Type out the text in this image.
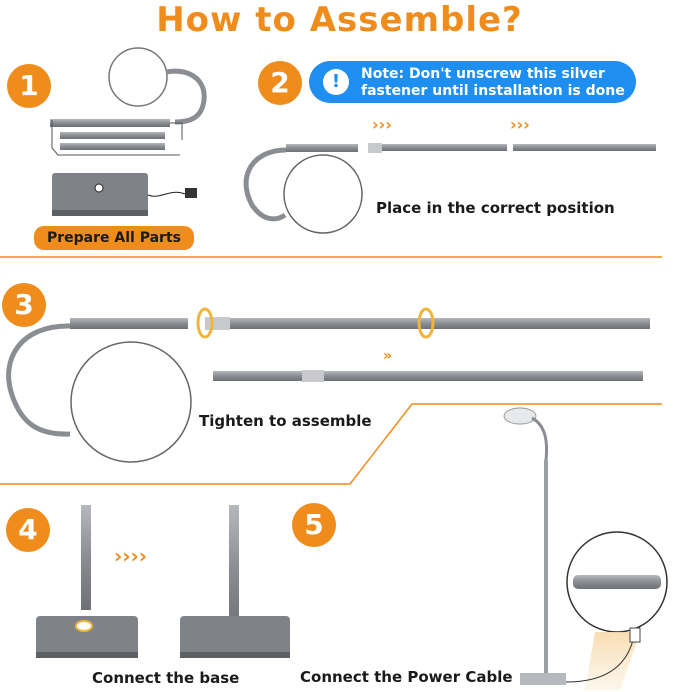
How to Assemble?
›››	›››
»
››››
1	2
3
4	5
!	Note: Don't unscrew this silver fastener until installation is done
Prepare All Parts
Place in the correct position
Tighten to assemble
Connect the base	Connect the Power Cable
